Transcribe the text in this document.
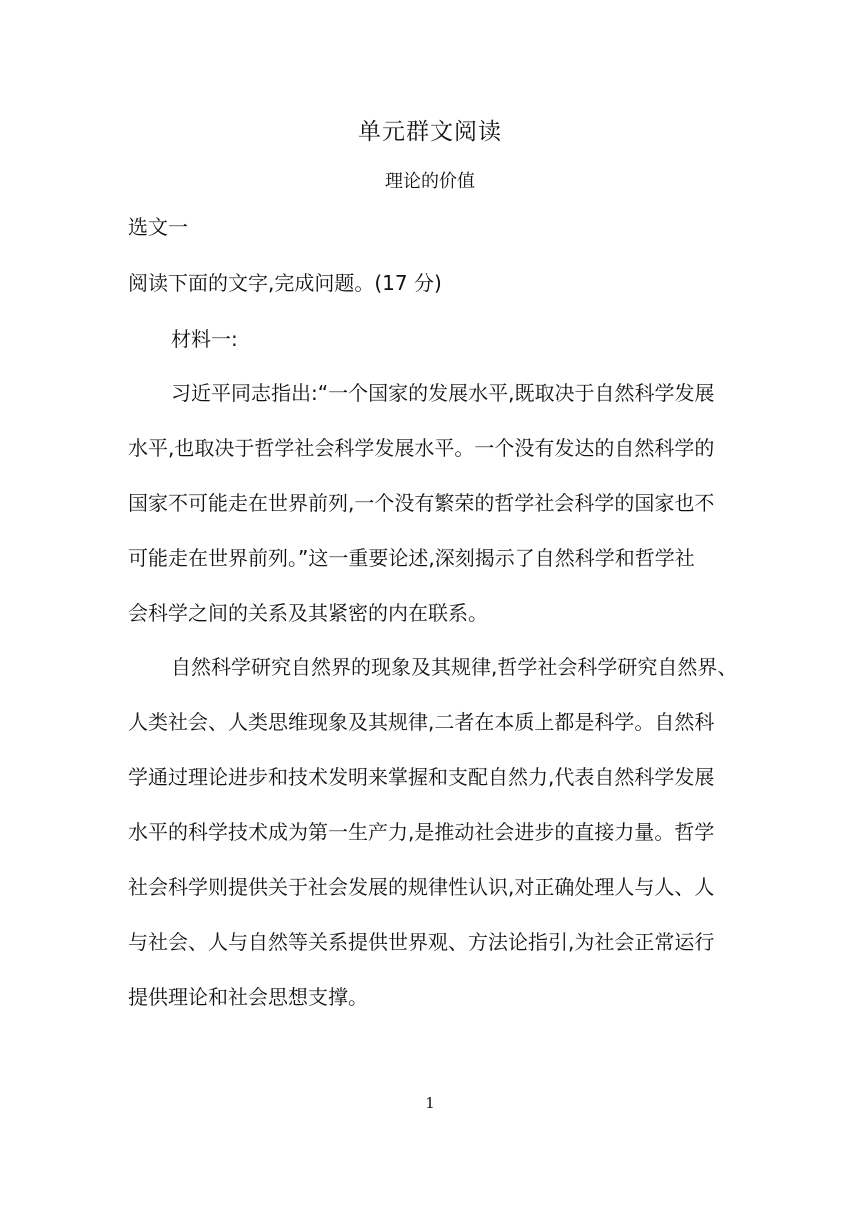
单元群文阅读
理论的价值
选文一
阅读下面的文字,完成问题。(17 分)
材料一:
习近平同志指出:“一个国家的发展水平,既取决于自然科学发展
水平,也取决于哲学社会科学发展水平。一个没有发达的自然科学的
国家不可能走在世界前列,一个没有繁荣的哲学社会科学的国家也不
可能走在世界前列。”这一重要论述,深刻揭示了自然科学和哲学社
会科学之间的关系及其紧密的内在联系。
自然科学研究自然界的现象及其规律,哲学社会科学研究自然界、
人类社会、人类思维现象及其规律,二者在本质上都是科学。自然科
学通过理论进步和技术发明来掌握和支配自然力,代表自然科学发展
水平的科学技术成为第一生产力,是推动社会进步的直接力量。哲学
社会科学则提供关于社会发展的规律性认识,对正确处理人与人、人
与社会、人与自然等关系提供世界观、方法论指引,为社会正常运行
提供理论和社会思想支撑。
1
